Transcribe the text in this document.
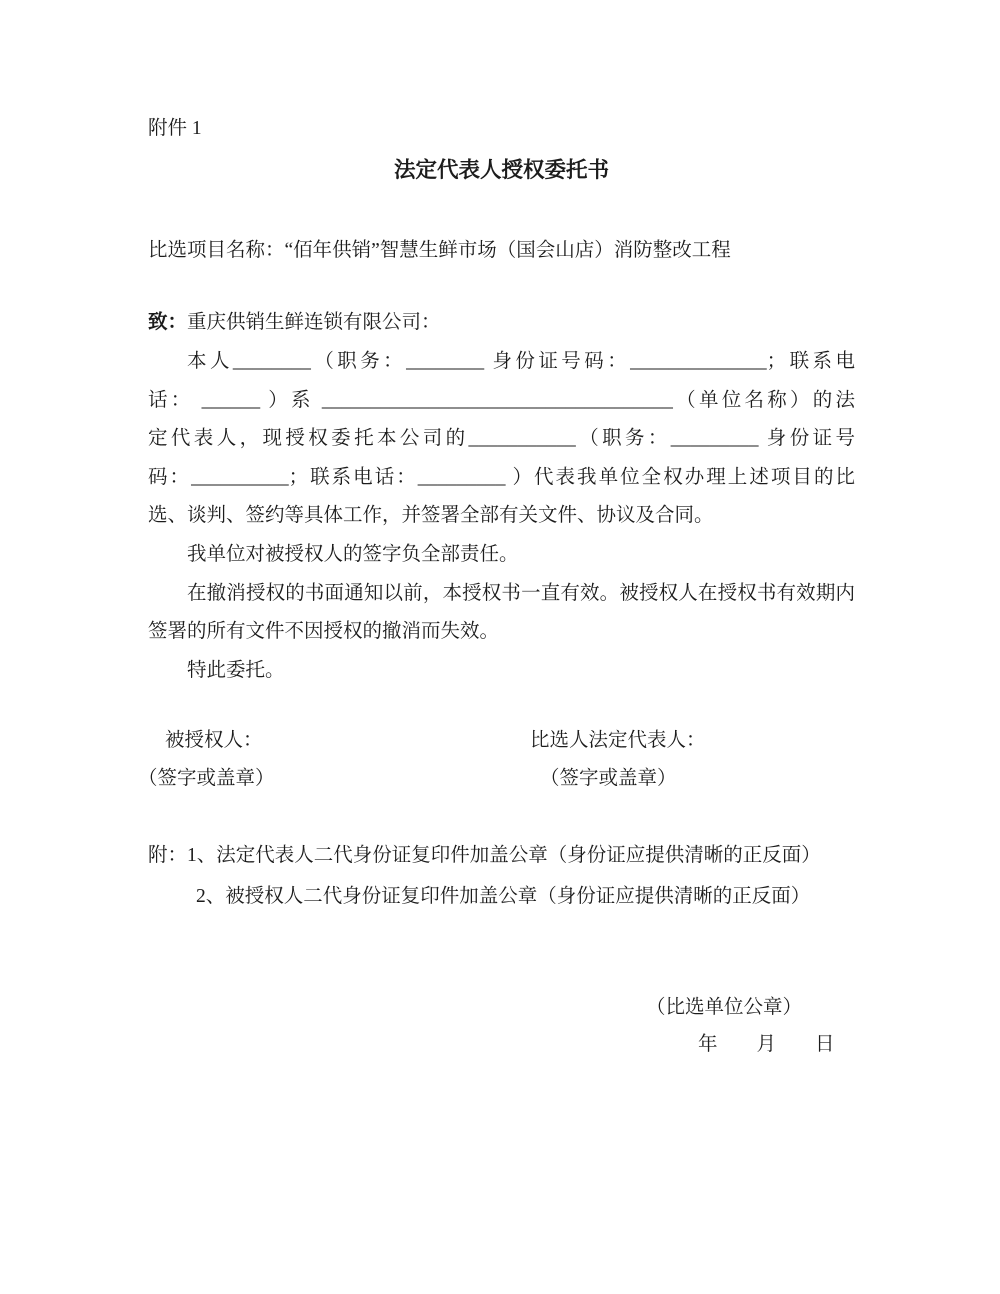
附件 1
法定代表人授权委托书
比选项目名称：“佰年供销”智慧生鲜市场（国会山店）消防整改工程
致：重庆供销生鲜连锁有限公司：
本人________（职务：________ 身份证号码：______________；联系电
话： ______ ）系 ____________________________________（单位名称）的法
定代表人，现授权委托本公司的___________（职务：_________ 身份证号
码：__________；联系电话：_________ ）代表我单位全权办理上述项目的比
选、谈判、签约等具体工作，并签署全部有关文件、协议及合同。
我单位对被授权人的签字负全部责任。
在撤消授权的书面通知以前，本授权书一直有效。被授权人在授权书有效期内
签署的所有文件不因授权的撤消而失效。
特此委托。
被授权人：	比选人法定代表人：
（签字或盖章）	（签字或盖章）
附：1、法定代表人二代身份证复印件加盖公章（身份证应提供清晰的正反面）
2、被授权人二代身份证复印件加盖公章（身份证应提供清晰的正反面）
（比选单位公章）
年　　月　　日
